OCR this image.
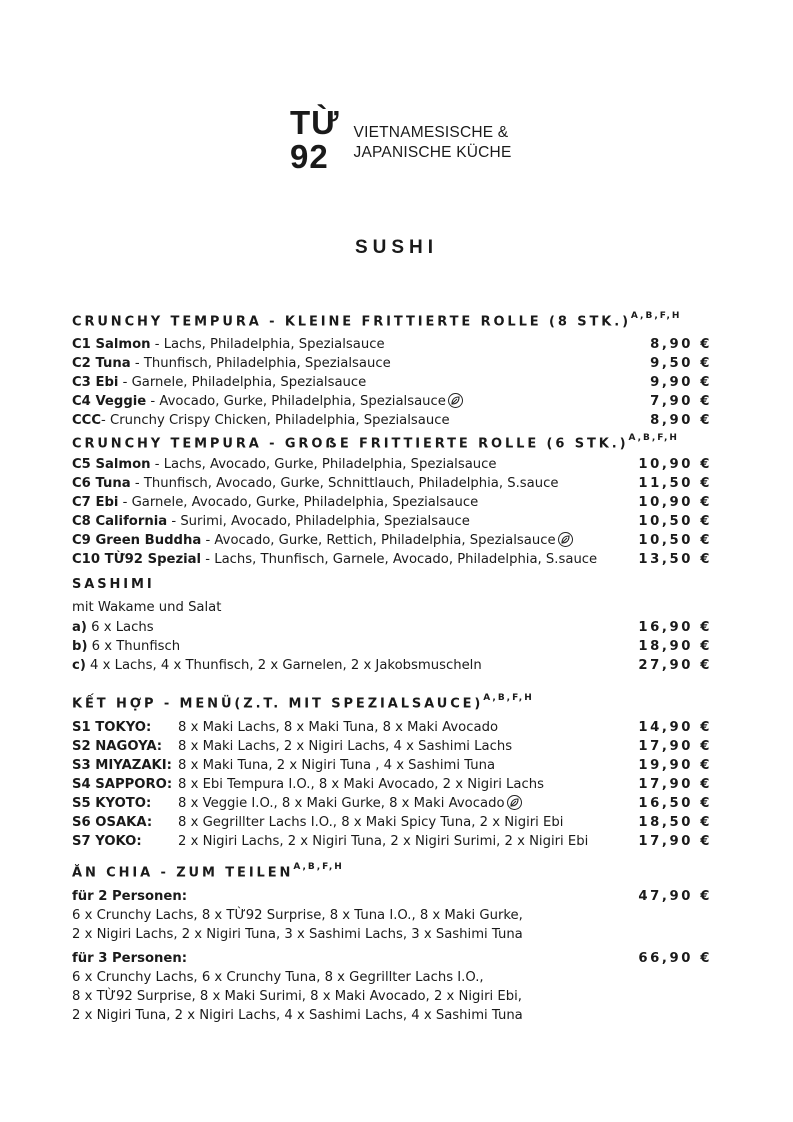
TỪ
92
VIETNAMESISCHE &
JAPANISCHE KÜCHE
SUSHI
CRUNCHY TEMPURA - KLEINE FRITTIERTE ROLLE (8 STK.)$^{A,B,F,H}$
C1 Salmon - Lachs, Philadelphia, Spezialsauce	8,90 €
C2 Tuna - Thunfisch, Philadelphia, Spezialsauce	9,50 €
C3 Ebi - Garnele, Philadelphia, Spezialsauce	9,90 €
C4 Veggie - Avocado, Gurke, Philadelphia, Spezialsauce	7,90 €
CCC- Crunchy Crispy Chicken, Philadelphia, Spezialsauce	8,90 €
CRUNCHY TEMPURA - GROẞE FRITTIERTE ROLLE (6 STK.)$^{A,B,F,H}$
C5 Salmon - Lachs, Avocado, Gurke, Philadelphia, Spezialsauce	10,90 €
C6 Tuna - Thunfisch, Avocado, Gurke, Schnittlauch, Philadelphia, S.sauce	11,50 €
C7 Ebi - Garnele, Avocado, Gurke, Philadelphia, Spezialsauce	10,90 €
C8 California - Surimi, Avocado, Philadelphia, Spezialsauce	10,50 €
C9 Green Buddha - Avocado, Gurke, Rettich, Philadelphia, Spezialsauce	10,50 €
C10 TỪ92 Spezial - Lachs, Thunfisch, Garnele, Avocado, Philadelphia, S.sauce	13,50 €
SASHIMI
mit Wakame und Salat
a) 6 x Lachs	16,90 €
b) 6 x Thunfisch	18,90 €
c) 4 x Lachs, 4 x Thunfisch, 2 x Garnelen, 2 x Jakobsmuscheln	27,90 €
KẾT HỢP - MENÜ(Z.T. MIT SPEZIALSAUCE)$^{A,B,F,H}$
S1 TOKYO: 8 x Maki Lachs, 8 x Maki Tuna, 8 x Maki Avocado	14,90 €
S2 NAGOYA: 8 x Maki Lachs, 2 x Nigiri Lachs, 4 x Sashimi Lachs	17,90 €
S3 MIYAZAKI: 8 x Maki Tuna, 2 x Nigiri Tuna , 4 x Sashimi Tuna	19,90 €
S4 SAPPORO: 8 x Ebi Tempura I.O., 8 x Maki Avocado, 2 x Nigiri Lachs	17,90 €
S5 KYOTO: 8 x Veggie I.O., 8 x Maki Gurke, 8 x Maki Avocado	16,50 €
S6 OSAKA: 8 x Gegrillter Lachs I.O., 8 x Maki Spicy Tuna, 2 x Nigiri Ebi	18,50 €
S7 YOKO:	2 x Nigiri Lachs, 2 x Nigiri Tuna, 2 x Nigiri Surimi, 2 x Nigiri Ebi	17,90 €
ĂN CHIA - ZUM $TEILEN^{A,B,F,H}$
für 2 Personen:	47,90 €
6 x Crunchy Lachs, 8 x TỪ92 Surprise, 8 x Tuna I.O., 8 x Maki Gurke,
2 x Nigiri Lachs, 2 x Nigiri Tuna, 3 x Sashimi Lachs, 3 x Sashimi Tuna
für 3 Personen:	66,90 €
6 x Crunchy Lachs, 6 x Crunchy Tuna, 8 x Gegrillter Lachs I.O.,
8 x TỪ92 Surprise, 8 x Maki Surimi, 8 x Maki Avocado, 2 x Nigiri Ebi,
2 x Nigiri Tuna, 2 x Nigiri Lachs, 4 x Sashimi Lachs, 4 x Sashimi Tuna
